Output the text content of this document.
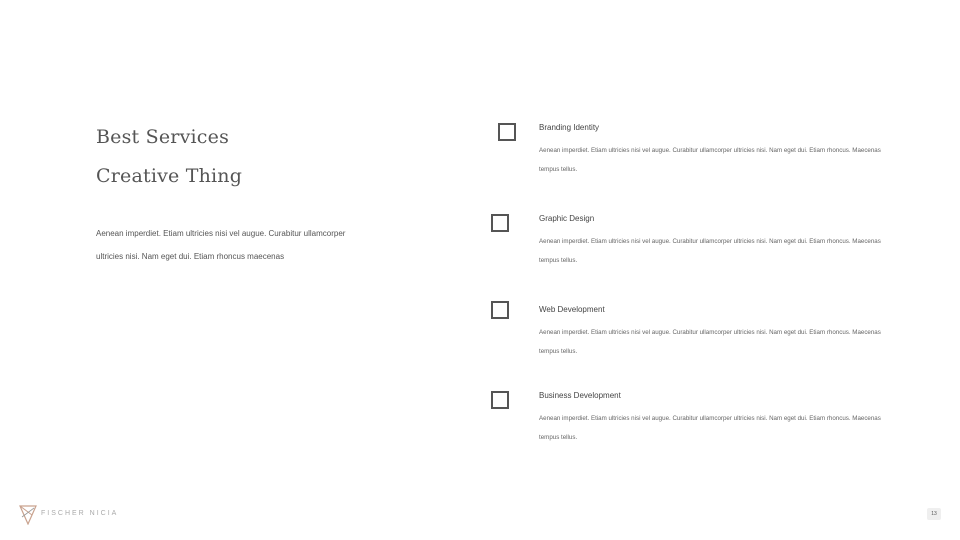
Best Services
Creative Thing
Aenean imperdiet. Etiam ultricies nisi vel augue. Curabitur ullamcorper ultricies nisi. Nam eget dui. Etiam rhoncus maecenas
Branding Identity
Aenean imperdiet. Etiam ultricies nisi vel augue. Curabitur ullamcorper ultricies nisi. Nam eget dui. Etiam rhoncus. Maecenas tempus tellus.
Graphic Design
Aenean imperdiet. Etiam ultricies nisi vel augue. Curabitur ullamcorper ultricies nisi. Nam eget dui. Etiam rhoncus. Maecenas tempus tellus.
Web Development
Aenean imperdiet. Etiam ultricies nisi vel augue. Curabitur ullamcorper ultricies nisi. Nam eget dui. Etiam rhoncus. Maecenas tempus tellus.
Business Development
Aenean imperdiet. Etiam ultricies nisi vel augue. Curabitur ullamcorper ultricies nisi. Nam eget dui. Etiam rhoncus. Maecenas tempus tellus.
FISCHER NICIA	13
